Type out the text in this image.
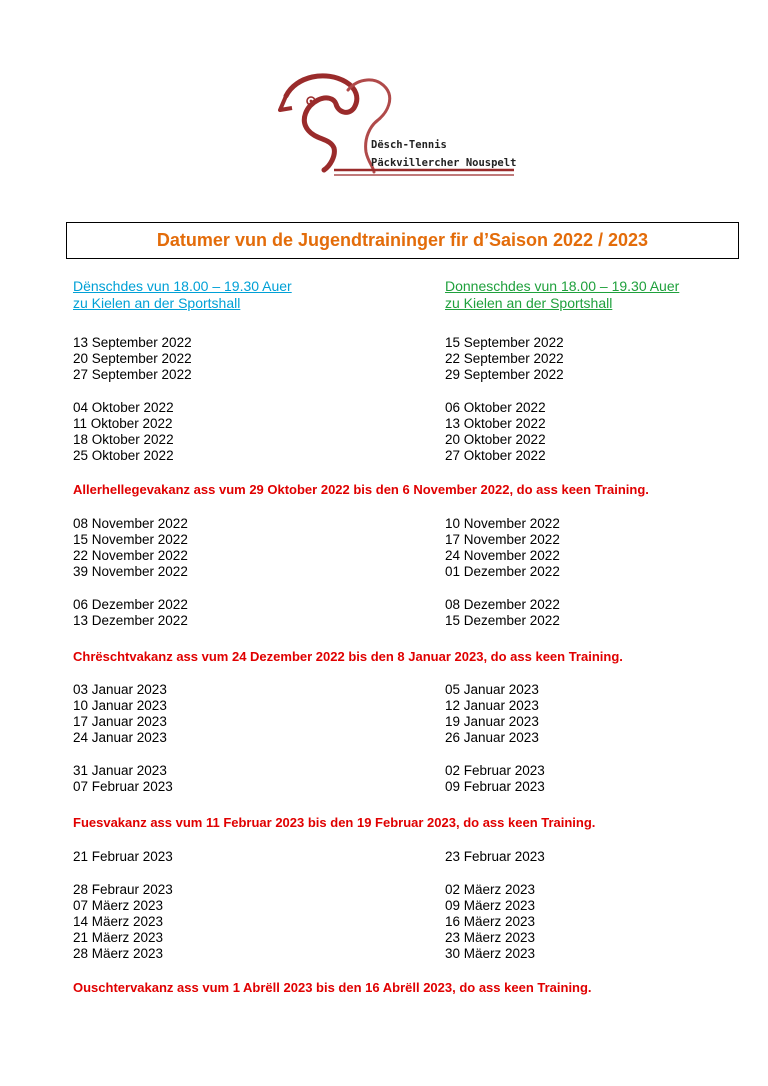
Dësch-Tennis
Päckvillercher Nouspelt
Datumer vun de Jugendtraininger fir d’Saison 2022 / 2023
Dënschdes vun 18.00 – 19.30 Auer
zu Kielen an der Sportshall
Donneschdes vun 18.00 – 19.30 Auer
zu Kielen an der Sportshall
13 September 2022
20 September 2022
27 September 2022
04 Oktober 2022
11 Oktober 2022
18 Oktober 2022
25 Oktober 2022
08 November 2022
15 November 2022
22 November 2022
39 November 2022
06 Dezember 2022
13 Dezember 2022
03 Januar 2023
10 Januar 2023
17 Januar 2023
24 Januar 2023
31 Januar 2023
07 Februar 2023
21 Februar 2023
28 Febraur 2023
07 Mäerz 2023
14 Mäerz 2023
21 Mäerz 2023
28 Mäerz 2023
15 September 2022
22 September 2022
29 September 2022
06 Oktober 2022
13 Oktober 2022
20 Oktober 2022
27 Oktober 2022
10 November 2022
17 November 2022
24 November 2022
01 Dezember 2022
08 Dezember 2022
15 Dezember 2022
05 Januar 2023
12 Januar 2023
19 Januar 2023
26 Januar 2023
02 Februar 2023
09 Februar 2023
23 Februar 2023
02 Mäerz 2023
09 Mäerz 2023
16 Mäerz 2023
23 Mäerz 2023
30 Mäerz 2023
Allerhellegevakanz ass vum 29 Oktober 2022 bis den 6 November 2022, do ass keen Training.
Chrëschtvakanz ass vum 24 Dezember 2022 bis den 8 Januar 2023, do ass keen Training.
Fuesvakanz ass vum 11 Februar 2023 bis den 19 Februar 2023, do ass keen Training.
Ouschtervakanz ass vum 1 Abrëll 2023 bis den 16 Abrëll 2023, do ass keen Training.
